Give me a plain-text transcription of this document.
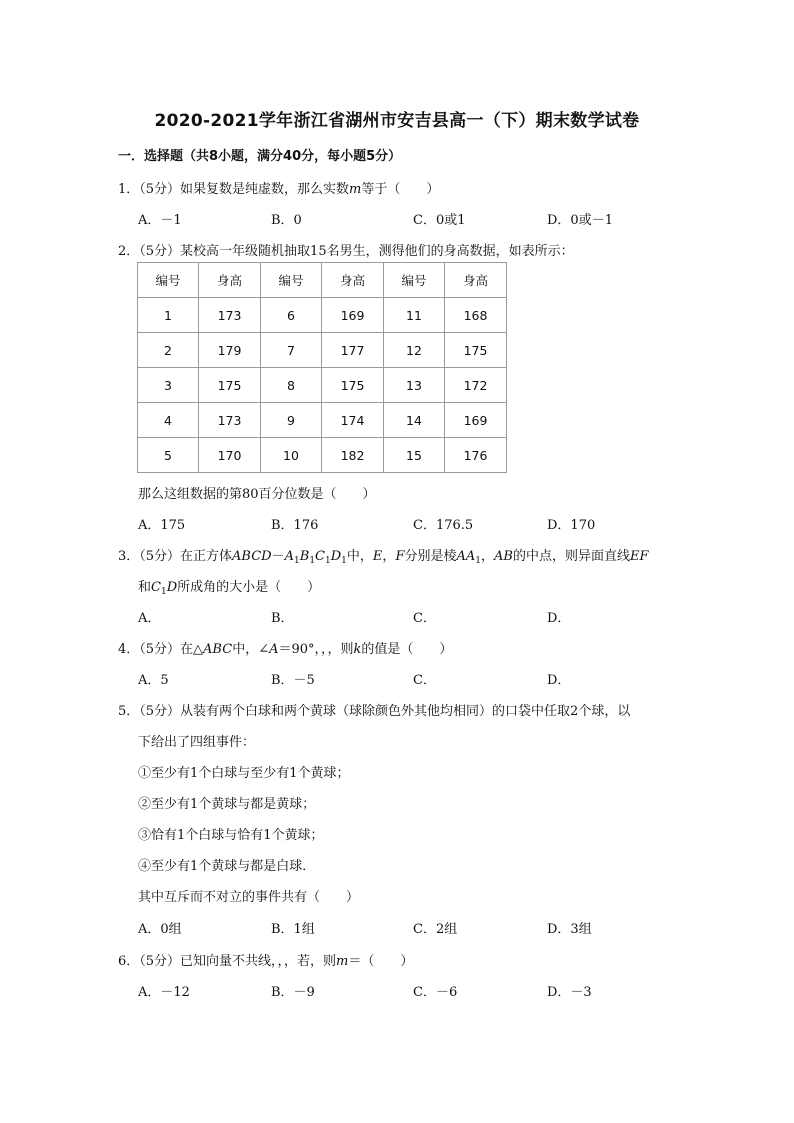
2020-2021学年浙江省湖州市安吉县高一（下）期末数学试卷
一．选择题（共8小题，满分40分，每小题5分）
1．（5分）如果复数是纯虚数，那么实数m等于（　　）
A．－1	B．0	C．0或1	D．0或－1
2．（5分）某校高一年级随机抽取15名男生，测得他们的身高数据，如表所示：
编号	身高	编号	身高	编号	身高
1	173	6	169	11	168
2	179	7	177	12	175
3	175	8	175	13	172
4	173	9	174	14	169
5	170	10	182	15	176
那么这组数据的第80百分位数是（　　）
A．175	B．176	C．176.5	D．170
3．（5分）在正方体$ABCD-A_1B_1C_1D_1$中，E，F分别是棱$AA_1$，AB的中点，则异面直线EF
和$C_1D$所成角的大小是（　　）
A．	B．	C．	D．
4．（5分）在△ABC中，∠A＝90°，，，则k的值是（　　）
A．5	B．－5	C．	D．
5．（5分）从装有两个白球和两个黄球（球除颜色外其他均相同）的口袋中任取2个球，以
下给出了四组事件：
①至少有1个白球与至少有1个黄球；
②至少有1个黄球与都是黄球；
③恰有1个白球与恰有1个黄球；
④至少有1个黄球与都是白球．
其中互斥而不对立的事件共有（　　）
A．0组	B．1组	C．2组	D．3组
6．（5分）已知向量不共线，，，若，则m＝（　　）
A．－12	B．－9	C．－6	D．－3
